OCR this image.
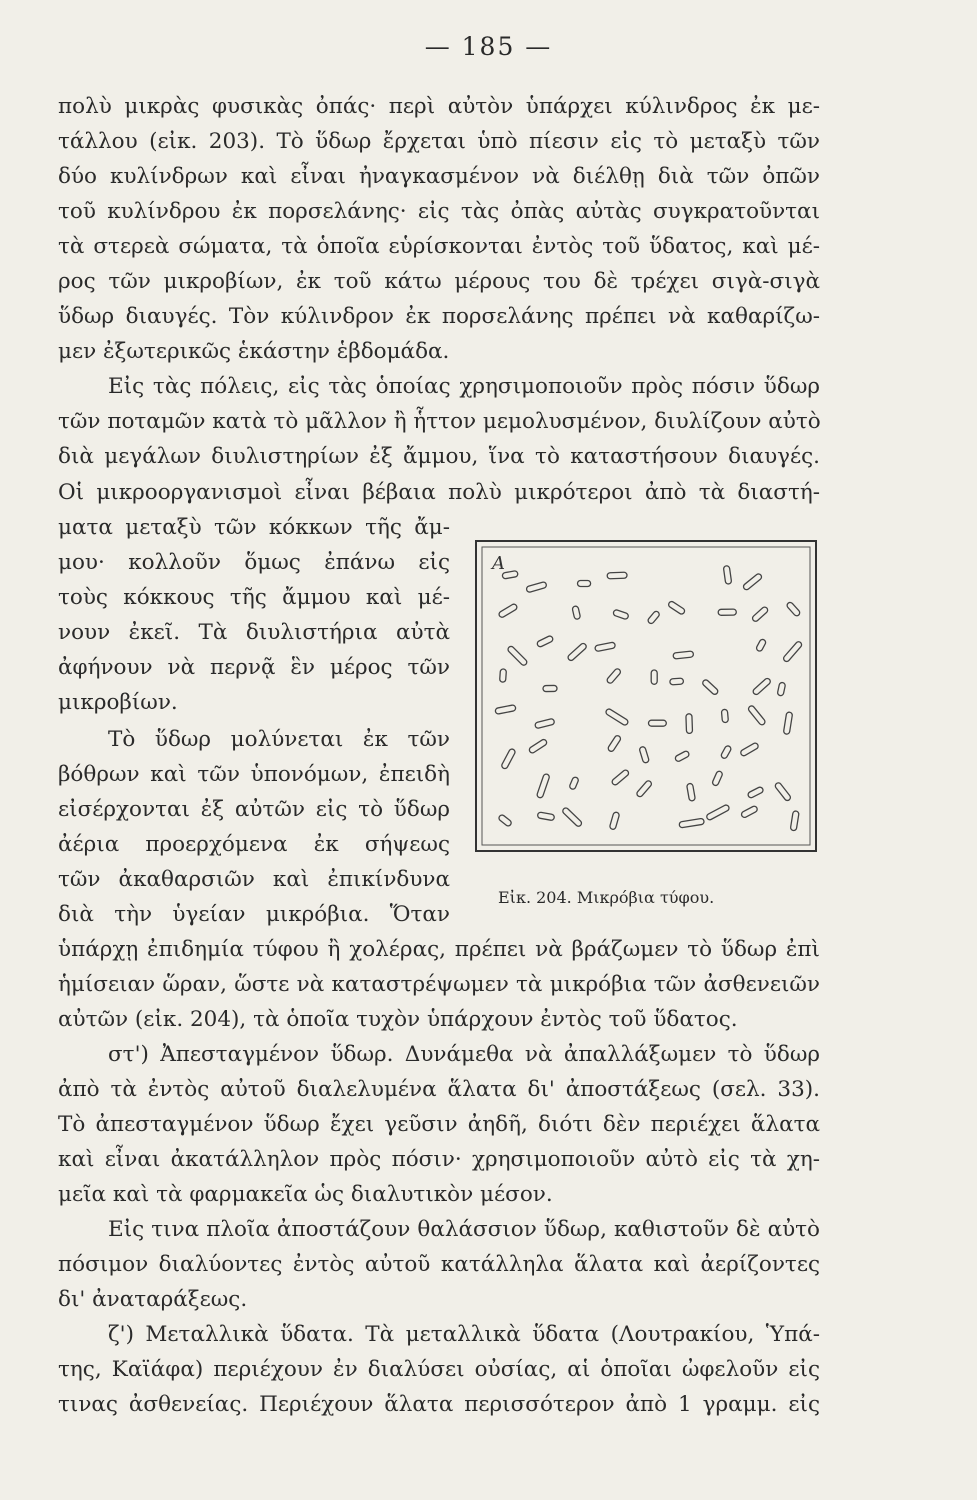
— 185 —
πολὺ μικρὰς φυσικὰς ὀπάς· περὶ αὐτὸν ὑπάρχει κύλινδρος ἐκ με-
τάλλου (εἰκ. 203). Τὸ ὕδωρ ἔρχεται ὑπὸ πίεσιν εἰς τὸ μεταξὺ τῶν
δύο κυλίνδρων καὶ εἶναι ἠναγκασμένον νὰ διέλθῃ διὰ τῶν ὀπῶν
τοῦ κυλίνδρου ἐκ πορσελάνης· εἰς τὰς ὀπὰς αὐτὰς συγκρατοῦνται
τὰ στερεὰ σώματα, τὰ ὁποῖα εὑρίσκονται ἐντὸς τοῦ ὕδατος, καὶ μέ-
ρος τῶν μικροβίων, ἐκ τοῦ κάτω μέρους του δὲ τρέχει σιγὰ-σιγὰ
ὕδωρ διαυγές. Τὸν κύλινδρον ἐκ πορσελάνης πρέπει νὰ καθαρίζω-
μεν ἐξωτερικῶς ἑκάστην ἑβδομάδα.
Εἰς τὰς πόλεις, εἰς τὰς ὁποίας χρησιμοποιοῦν πρὸς πόσιν ὕδωρ
τῶν ποταμῶν κατὰ τὸ μᾶλλον ἢ ἧττον μεμολυσμένον, διυλίζουν αὐτὸ
διὰ μεγάλων διυλιστηρίων ἐξ ἄμμου, ἵνα τὸ καταστήσουν διαυγές.
Οἱ μικροοργανισμοὶ εἶναι βέβαια πολὺ μικρότεροι ἀπὸ τὰ διαστή-
ματα μεταξὺ τῶν κόκκων τῆς ἄμ-
μου· κολλοῦν ὅμως ἐπάνω εἰς
τοὺς κόκκους τῆς ἄμμου καὶ μέ-
νουν ἐκεῖ. Τὰ διυλιστήρια αὐτὰ
ἀφήνουν νὰ περνᾷ ἓν μέρος τῶν
μικροβίων.
Τὸ ὕδωρ μολύνεται ἐκ τῶν
βόθρων καὶ τῶν ὑπονόμων, ἐπειδὴ
εἰσέρχονται ἐξ αὐτῶν εἰς τὸ ὕδωρ
ἀέρια προερχόμενα ἐκ σήψεως
τῶν ἀκαθαρσιῶν καὶ ἐπικίνδυνα
διὰ τὴν ὑγείαν μικρόβια. Ὅταν
A
Εἰκ. 204. Μικρόβια τύφου.
ὑπάρχῃ ἐπιδημία τύφου ἢ χολέρας, πρέπει νὰ βράζωμεν τὸ ὕδωρ ἐπὶ
ἡμίσειαν ὥραν, ὥστε νὰ καταστρέψωμεν τὰ μικρόβια τῶν ἀσθενειῶν
αὐτῶν (εἰκ. 204), τὰ ὁποῖα τυχὸν ὑπάρχουν ἐντὸς τοῦ ὕδατος.
στ') Ἀπεσταγμένον ὕδωρ. Δυνάμεθα νὰ ἀπαλλάξωμεν τὸ ὕδωρ
ἀπὸ τὰ ἐντὸς αὐτοῦ διαλελυμένα ἅλατα δι' ἀποστάξεως (σελ. 33).
Τὸ ἀπεσταγμένον ὕδωρ ἔχει γεῦσιν ἀηδῆ, διότι δὲν περιέχει ἅλατα
καὶ εἶναι ἀκατάλληλον πρὸς πόσιν· χρησιμοποιοῦν αὐτὸ εἰς τὰ χη-
μεῖα καὶ τὰ φαρμακεῖα ὡς διαλυτικὸν μέσον.
Εἰς τινα πλοῖα ἀποστάζουν θαλάσσιον ὕδωρ, καθιστοῦν δὲ αὐτὸ
πόσιμον διαλύοντες ἐντὸς αὐτοῦ κατάλληλα ἅλατα καὶ ἀερίζοντες
δι' ἀναταράξεως.
ζ') Μεταλλικὰ ὕδατα. Τὰ μεταλλικὰ ὕδατα (Λουτρακίου, Ὑπά-
της, Καϊάφα) περιέχουν ἐν διαλύσει οὐσίας, αἱ ὁποῖαι ὠφελοῦν εἰς
τινας ἀσθενείας. Περιέχουν ἅλατα περισσότερον ἀπὸ 1 γραμμ. εἰς
